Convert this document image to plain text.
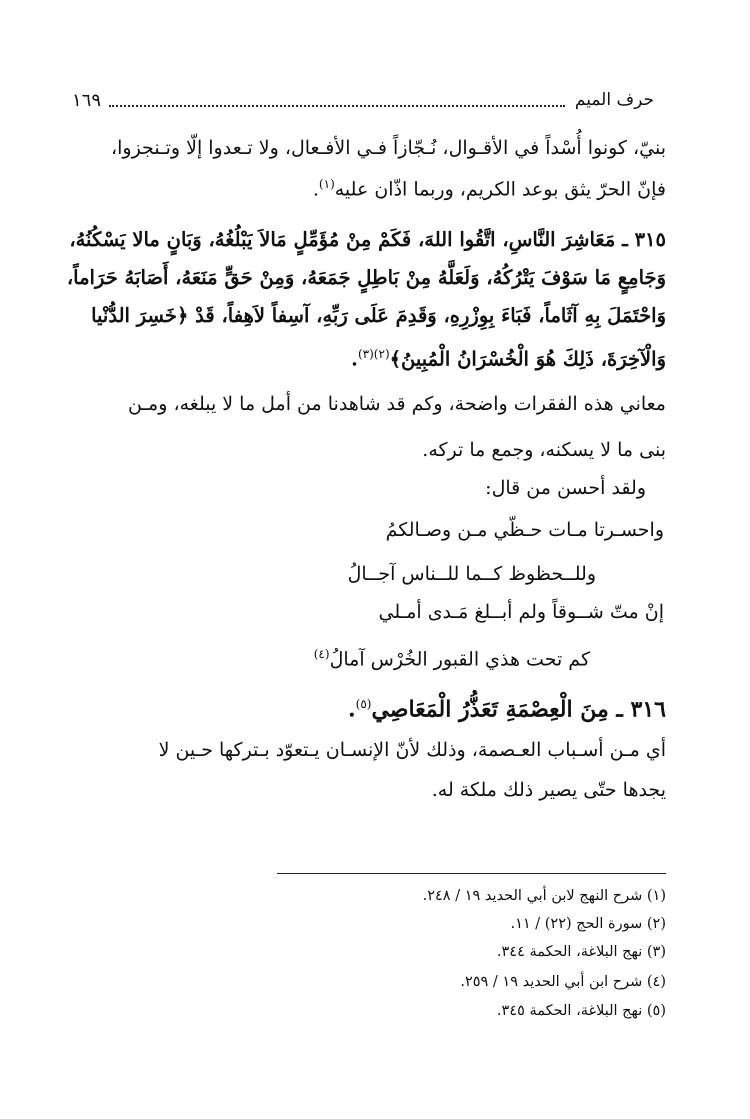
حرف الميم
١٦٩
بنيّ، كونوا أُسْداً في الأقـوال، نُـجّازاً فـي الأفـعال، ولا تـعدوا إلّا وتـنجزوا،
فإنّ الحرّ يثق بوعد الكريم، وربما اذّان عليه$^{(١)}$.
٣١٥ ـ مَعَاشِرَ النَّاسِ، اتَّقُوا اللهَ، فَكَمْ مِنْ مُؤَمِّلٍ مَالاَ يَبْلُغُهُ، وَبَانٍ مالا يَسْكُنُهُ،
وَجَامِعٍ مَا سَوْفَ يَتْرُكُهُ، وَلَعَلَّهُ مِنْ بَاطِلٍ جَمَعَهُ، وَمِنْ حَقٍّ مَنَعَهُ، أَصَابَهُ حَرَاماً،
وَاحْتَمَلَ بِهِ آثَاماً، فَبَاءَ بِوِزْرِهِ، وَقَدِمَ عَلَى رَبِّهِ، آسِفاً لاَهِفاً، قَدْ ﴿خَسِرَ الدُّنْيا
وَالْآخِرَةَ، ذَلِكَ هُوَ الْخُسْرَانُ الْمُبِينُ﴾$^{(٢)(٣)}$.
معاني هذه الفقرات واضحة، وكم قد شاهدنا من أمل ما لا يبلغه، ومـن
بنى ما لا يسكنه، وجمع ما تركه.
ولقد أحسن من قال:
واحسـرتا مـات حـظّي مـن وصـالكمُ
وللــحظوظ كــما للــناس آجــالُ
إنْ متّ شــوقاً ولم أبــلغ مَـدى أمـلي
كم تحت هذي القبور الخُرْس آمالُ$^{(٤)}$
٣١٦ ـ مِنَ الْعِصْمَةِ تَعَذُّرُ الْمَعَاصِي$^{(٥)}$.
أي مـن أسـباب العـصمة، وذلك لأنّ الإنسـان يـتعوّد بـتركها حـين لا
يجدها حتّى يصير ذلك ملكة له.
(١) شرح النهج لابن أبي الحديد ١٩ / ٢٤٨.
(٢) سورة الحج (٢٢) / ١١.
(٣) نهج البلاغة، الحكمة ٣٤٤.
(٤) شرح ابن أبي الحديد ١٩ / ٢٥٩.
(٥) نهج البلاغة، الحكمة ٣٤٥.
